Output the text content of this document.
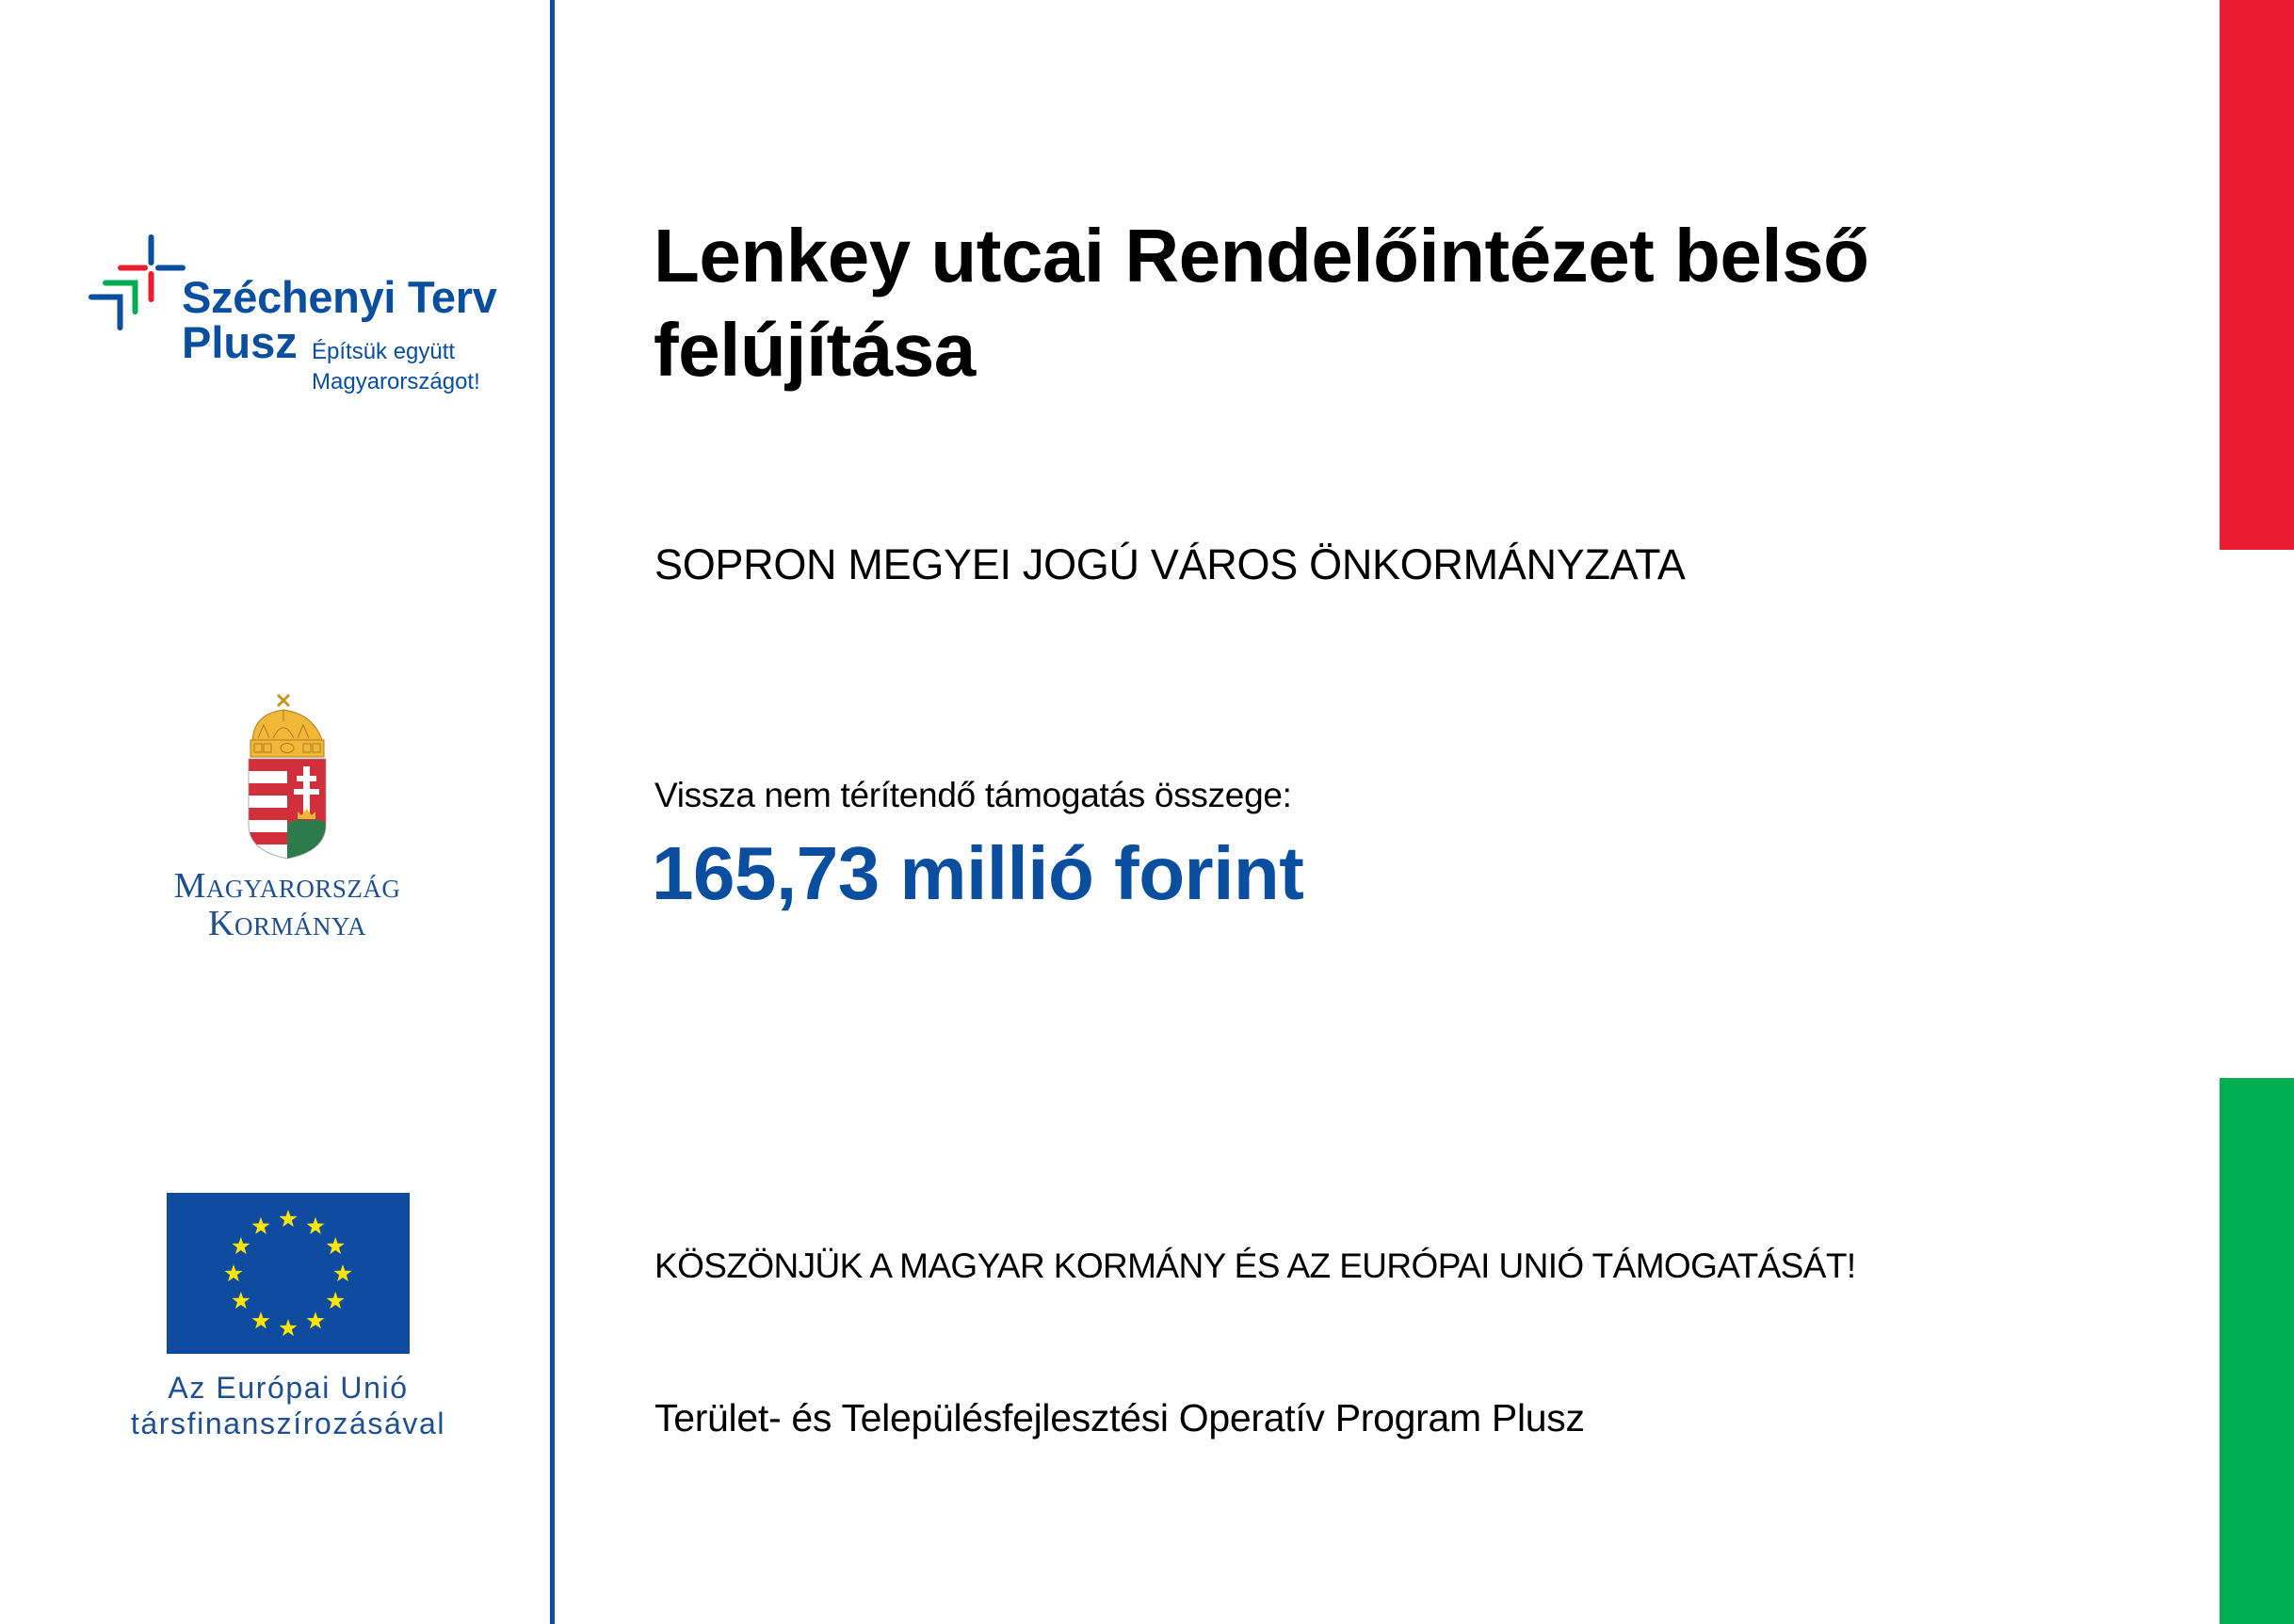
Széchenyi Terv
Plusz Építsük együtt
Magyarországot!
Magyarország
Kormánya
Az Európai Unió
társfinanszírozásával
Lenkey utcai Rendelőintézet belső felújítása
SOPRON MEGYEI JOGÚ VÁROS ÖNKORMÁNYZATA
Vissza nem térítendő támogatás összege:
165,73 millió forint
KÖSZÖNJÜK A MAGYAR KORMÁNY ÉS AZ EURÓPAI UNIÓ TÁMOGATÁSÁT!
Terület- és Településfejlesztési Operatív Program Plusz
